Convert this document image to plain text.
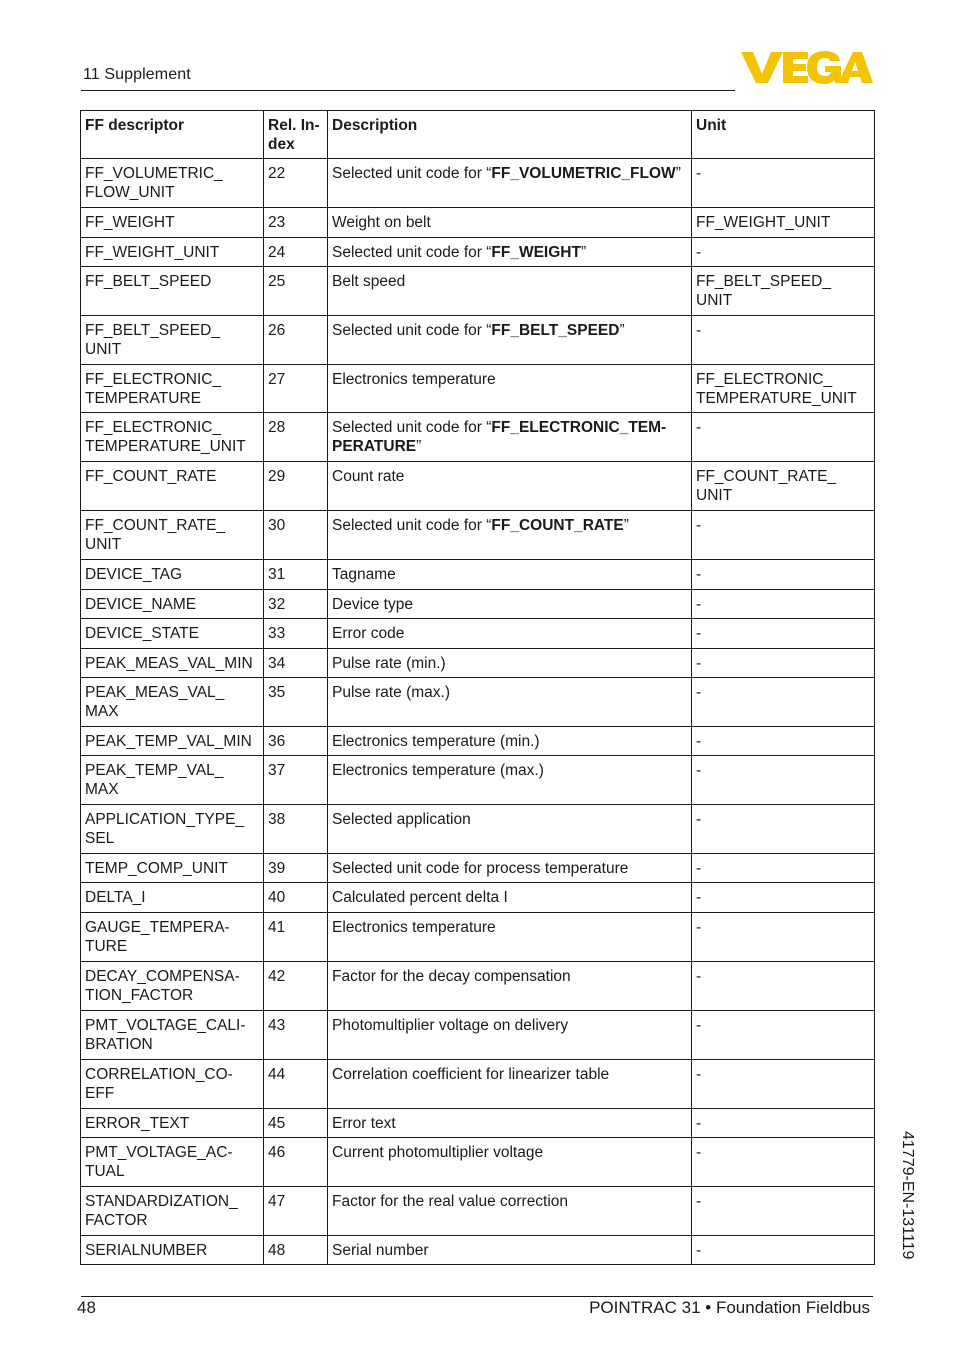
11 Supplement
FF descriptor	Rel. In-dex	Description	Unit
FF_VOLUMETRIC_ FLOW_UNIT	22	Selected unit code for “FF_VOLUMETRIC_FLOW”	-
FF_WEIGHT	23	Weight on belt	FF_WEIGHT_UNIT
FF_WEIGHT_UNIT	24	Selected unit code for “FF_WEIGHT”	-
FF_BELT_SPEED	25	Belt speed	FF_BELT_SPEED_ UNIT
FF_BELT_SPEED_ UNIT	26	Selected unit code for “FF_BELT_SPEED”	-
FF_ELECTRONIC_ TEMPERATURE	27	Electronics temperature	FF_ELECTRONIC_ TEMPERATURE_UNIT
FF_ELECTRONIC_ TEMPERATURE_UNIT	28	Selected unit code for “FF_ELECTRONIC_TEM- PERATURE”	-
FF_COUNT_RATE	29	Count rate	FF_COUNT_RATE_ UNIT
FF_COUNT_RATE_ UNIT	30	Selected unit code for “FF_COUNT_RATE”	-
DEVICE_TAG	31	Tagname	-
DEVICE_NAME	32	Device type	-
DEVICE_STATE	33	Error code	-
PEAK_MEAS_VAL_MIN	34	Pulse rate (min.)	-
PEAK_MEAS_VAL_ MAX	35	Pulse rate (max.)	-
PEAK_TEMP_VAL_MIN	36	Electronics temperature (min.)	-
PEAK_TEMP_VAL_ MAX	37	Electronics temperature (max.)	-
APPLICATION_TYPE_ SEL	38	Selected application	-
TEMP_COMP_UNIT	39	Selected unit code for process temperature	-
DELTA_I	40	Calculated percent delta I	-
GAUGE_TEMPERA- TURE	41	Electronics temperature	-
DECAY_COMPENSA- TION_FACTOR	42	Factor for the decay compensation	-
PMT_VOLTAGE_CALI- BRATION	43	Photomultiplier voltage on delivery	-
CORRELATION_CO- EFF	44	Correlation coefficient for linearizer table	-
ERROR_TEXT	45	Error text	-
PMT_VOLTAGE_AC- TUAL	46	Current photomultiplier voltage	-
STANDARDIZATION_ FACTOR	47	Factor for the real value correction	-
SERIALNUMBER	48	Serial number	-	41779-EN-131119
48	POINTRAC 31 • Foundation Fieldbus
